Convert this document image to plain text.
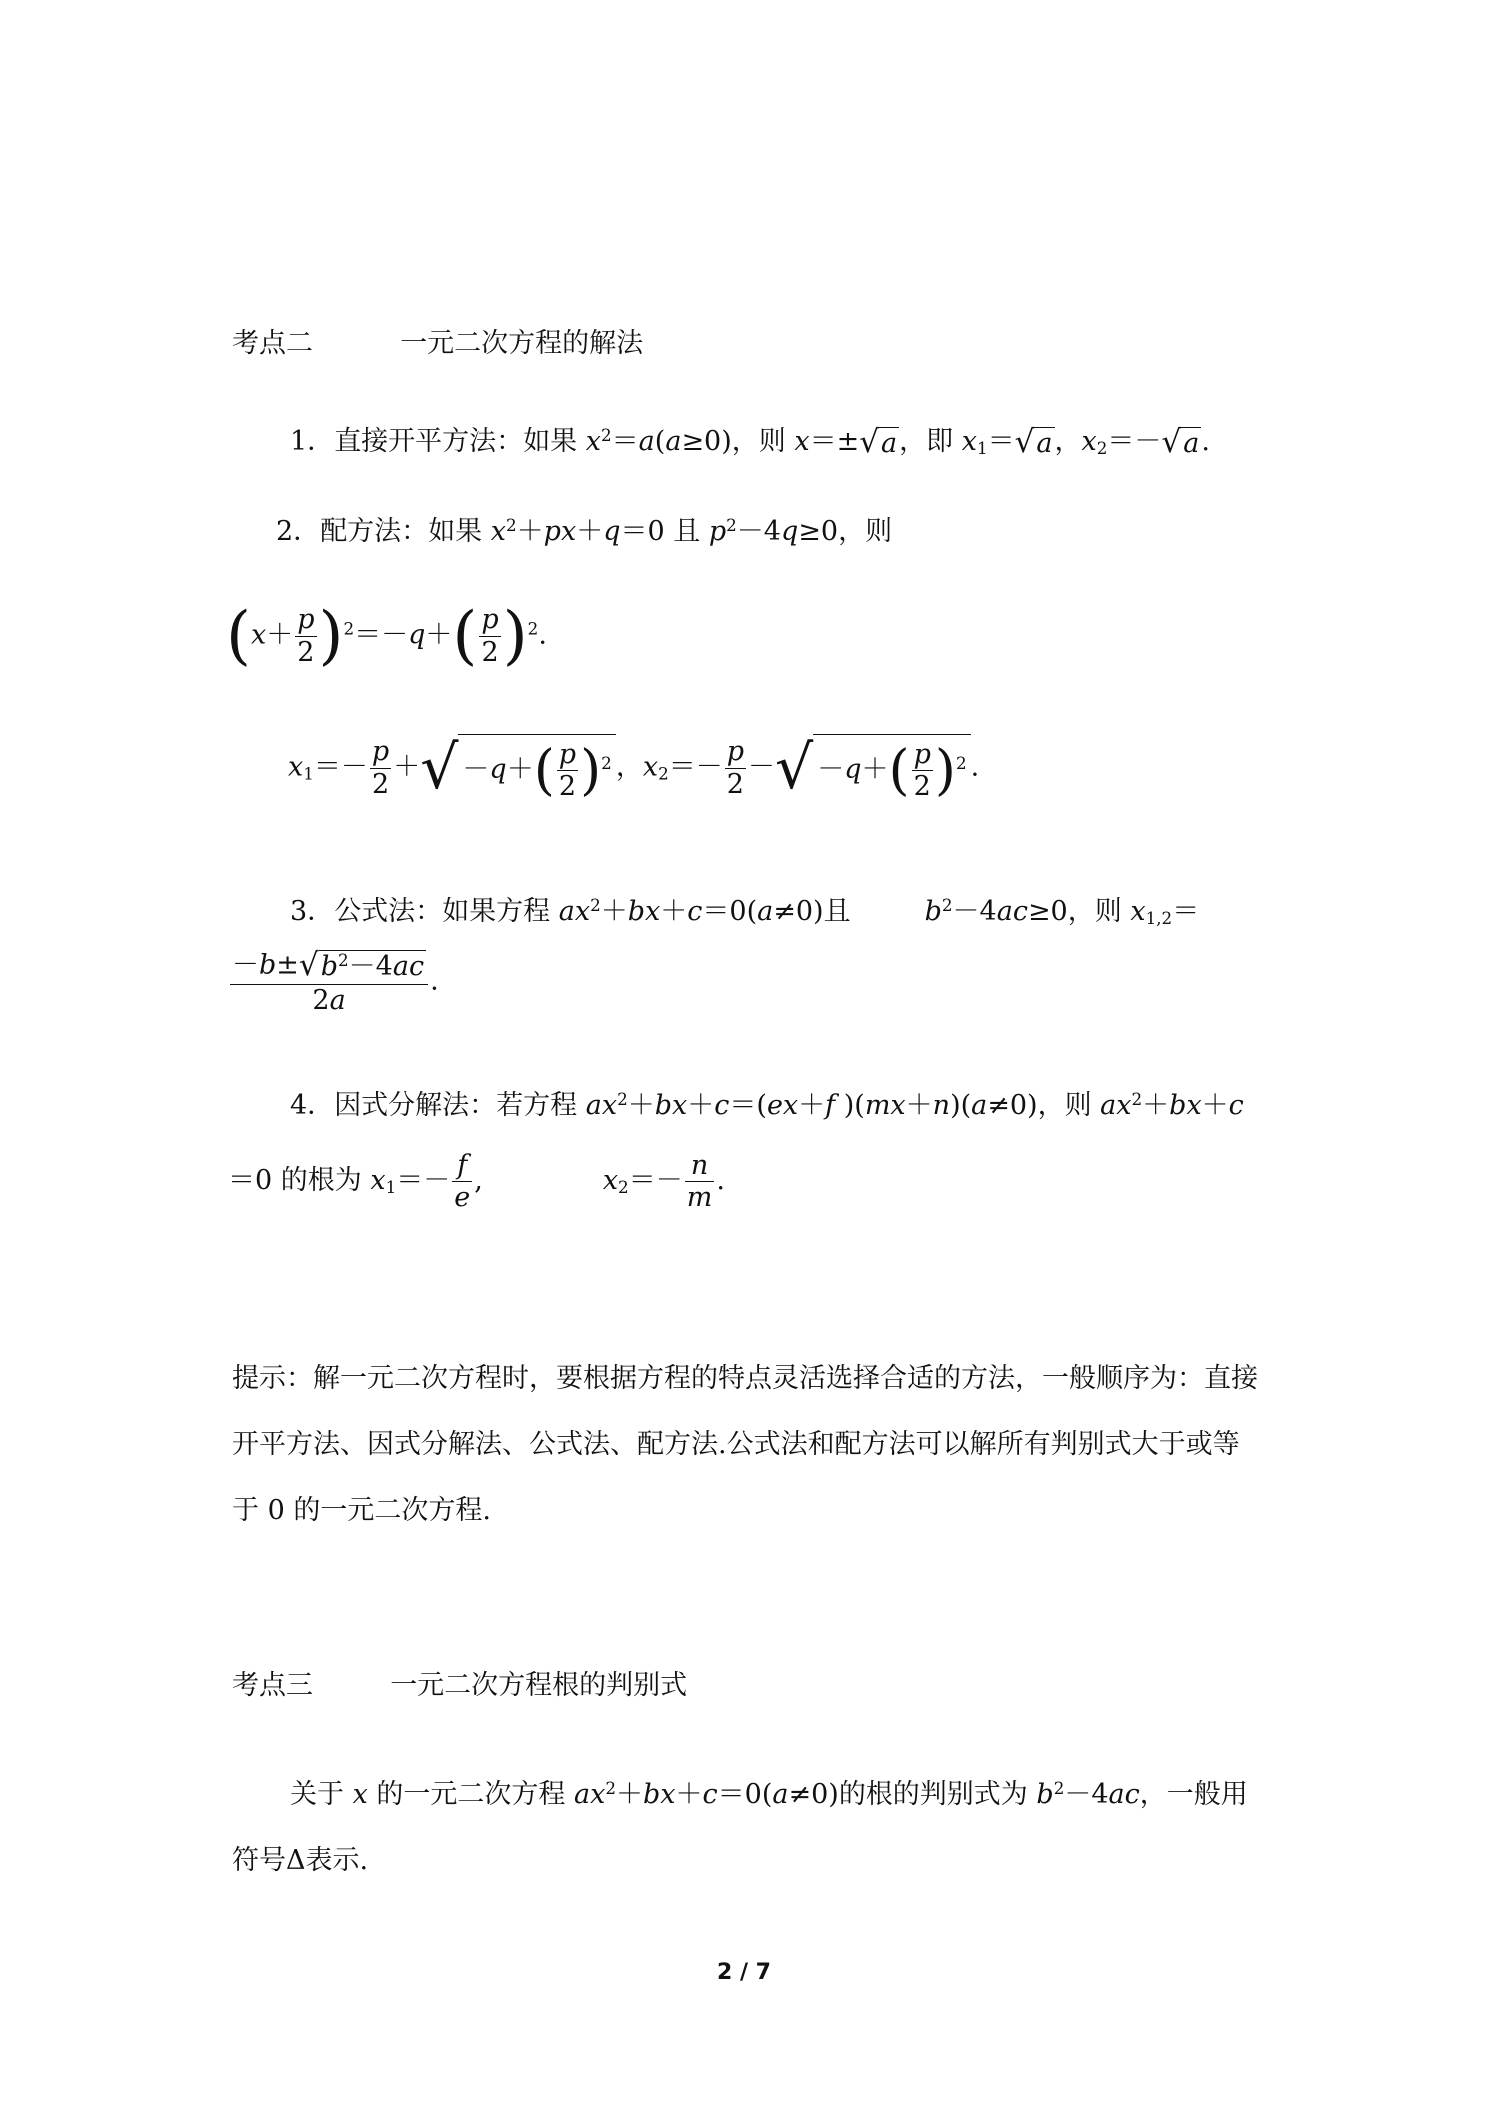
考点二	一元二次方程的解法
1．直接开平方法：如果 $x^2=a(a\ge 0)$，则 x＝±√a，即 $x_1=√a$，$x_2=-√a$.
2．配方法：如果 $x^2+px+q=0$ 且 $p^2-4q\ge 0$，则
$(x+ \frac{p}{2} )^2=-q+( \frac{p}{2} )^2$.
$x_1=- \frac{p}{2}$ ＋√ $-q+( \frac{p}{2} )^2$ ，$x_2=- \frac{p}{2}$ －√ $-q+( \frac{p}{2} )^2$ .
3．公式法：如果方程 $ax^2+bx+c=0(a\ne 0)$且	$b^2-4ac\ge 0$，则 $x_{1,2}=$
$\frac{-b\pm√b^2-4ac}{2a}$ .
4．因式分解法：若方程 $ax^2+bx+c=(ex+f$ )(mx＋n)(a≠0)，则 $ax^2+bx+c$
＝0 的根为 $x_1=- \frac{f}{e}$ ,	$x_2=- \frac{n}{m}$ .
提示：解一元二次方程时，要根据方程的特点灵活选择合适的方法，一般顺序为：直接开平方法、因式分解法、公式法、配方法.公式法和配方法可以解所有判别式大于或等于 0 的一元二次方程.
考点三	一元二次方程根的判别式
关于 x 的一元二次方程 $ax^2+bx+c=0(a\ne 0)$的根的判别式为 $b^2-4ac$，一般用符号Δ表示.
2 / 7
